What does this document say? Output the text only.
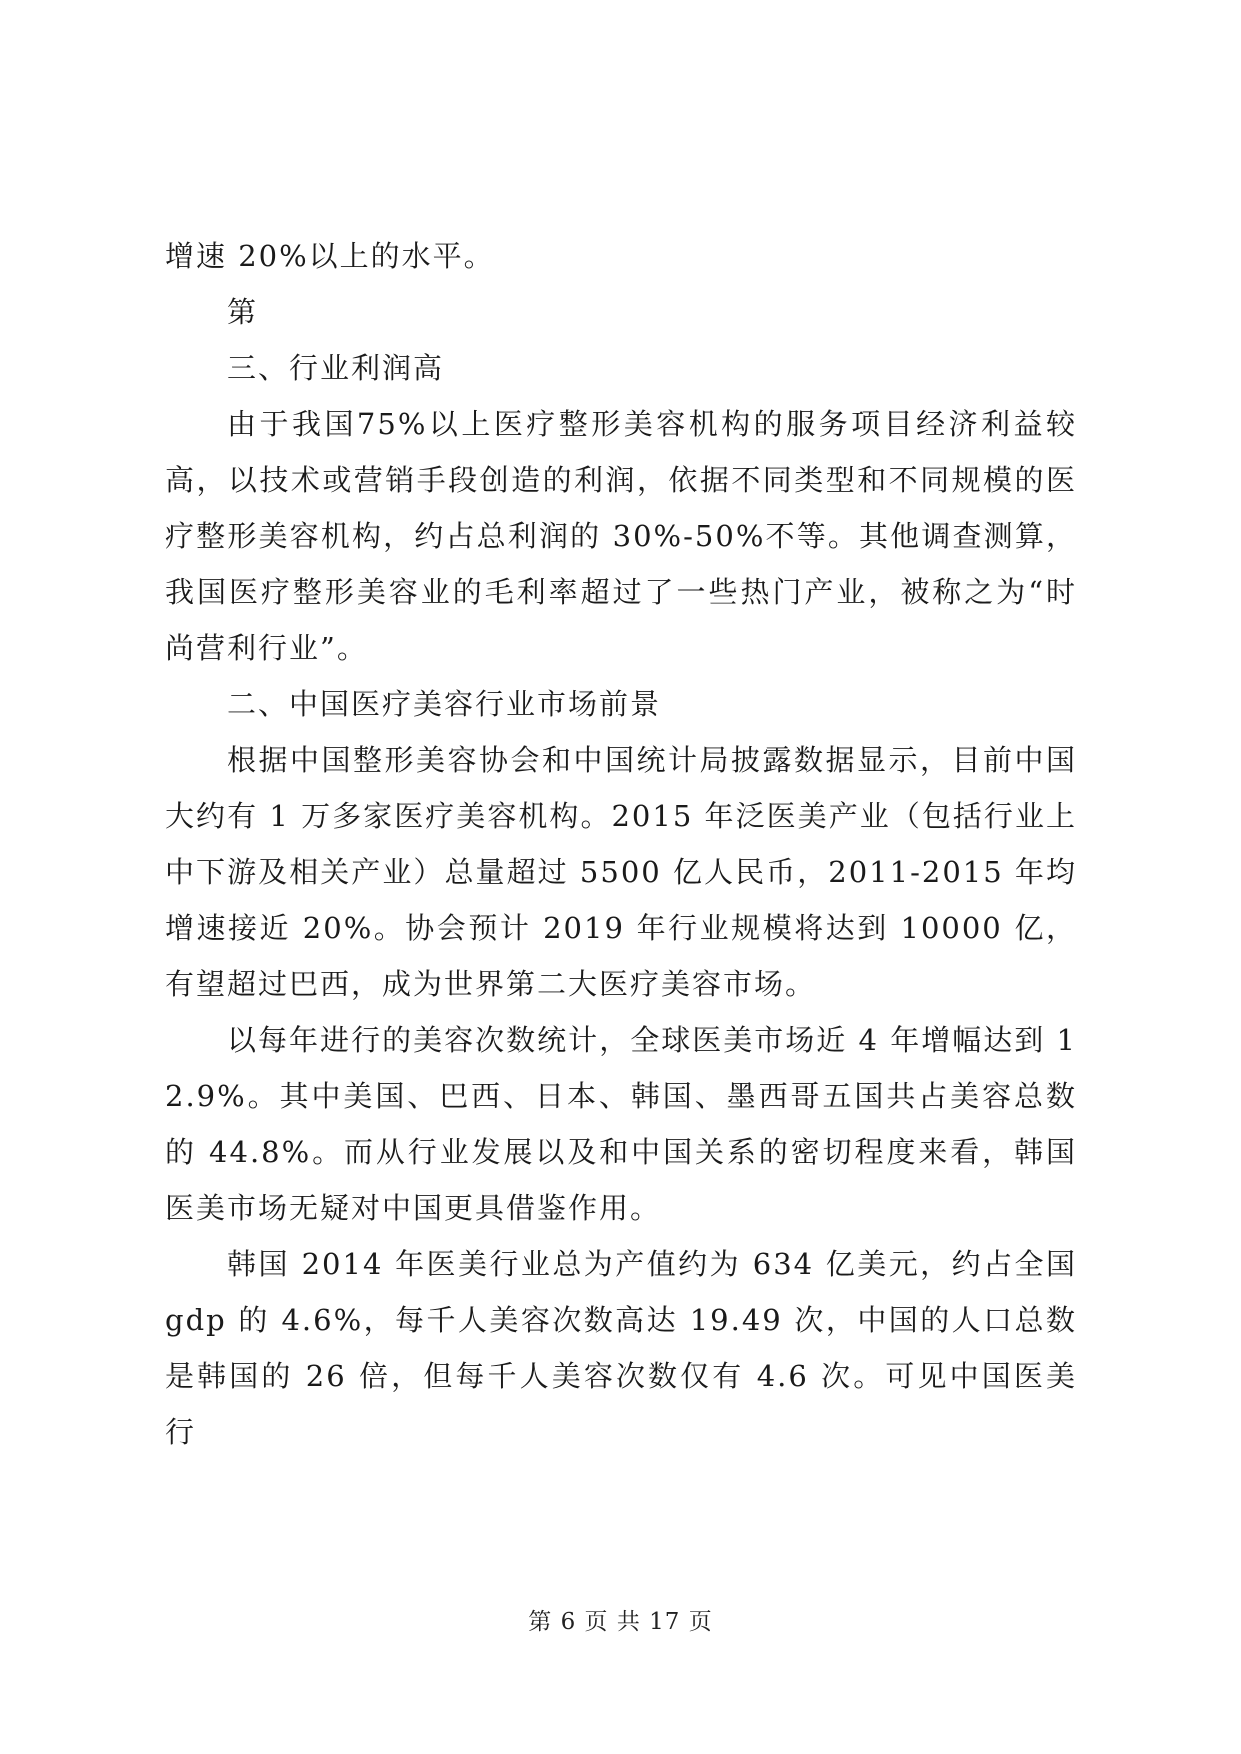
增速 20%以上的水平。

第

三、行业利润高

由于我国75%以上医疗整形美容机构的服务项目经济利益较高，以技术或营销手段创造的利润，依据不同类型和不同规模的医疗整形美容机构，约占总利润的 30%-50%不等。其他调查测算，我国医疗整形美容业的毛利率超过了一些热门产业，被称之为“时尚营利行业”。

二、中国医疗美容行业市场前景

根据中国整形美容协会和中国统计局披露数据显示，目前中国大约有 1 万多家医疗美容机构。2015 年泛医美产业（包括行业上中下游及相关产业）总量超过 5500 亿人民币，2011-2015 年均增速接近 20%。协会预计 2019 年行业规模将达到 10000 亿，有望超过巴西，成为世界第二大医疗美容市场。

以每年进行的美容次数统计，全球医美市场近 4 年增幅达到 12.9%。其中美国、巴西、日本、韩国、墨西哥五国共占美容总数的 44.8%。而从行业发展以及和中国关系的密切程度来看，韩国医美市场无疑对中国更具借鉴作用。

韩国 2014 年医美行业总为产值约为 634 亿美元，约占全国 gdp 的 4.6%，每千人美容次数高达 19.49 次，中国的人口总数是韩国的 26 倍，但每千人美容次数仅有 4.6 次。可见中国医美行

第 6 页 共 17 页
